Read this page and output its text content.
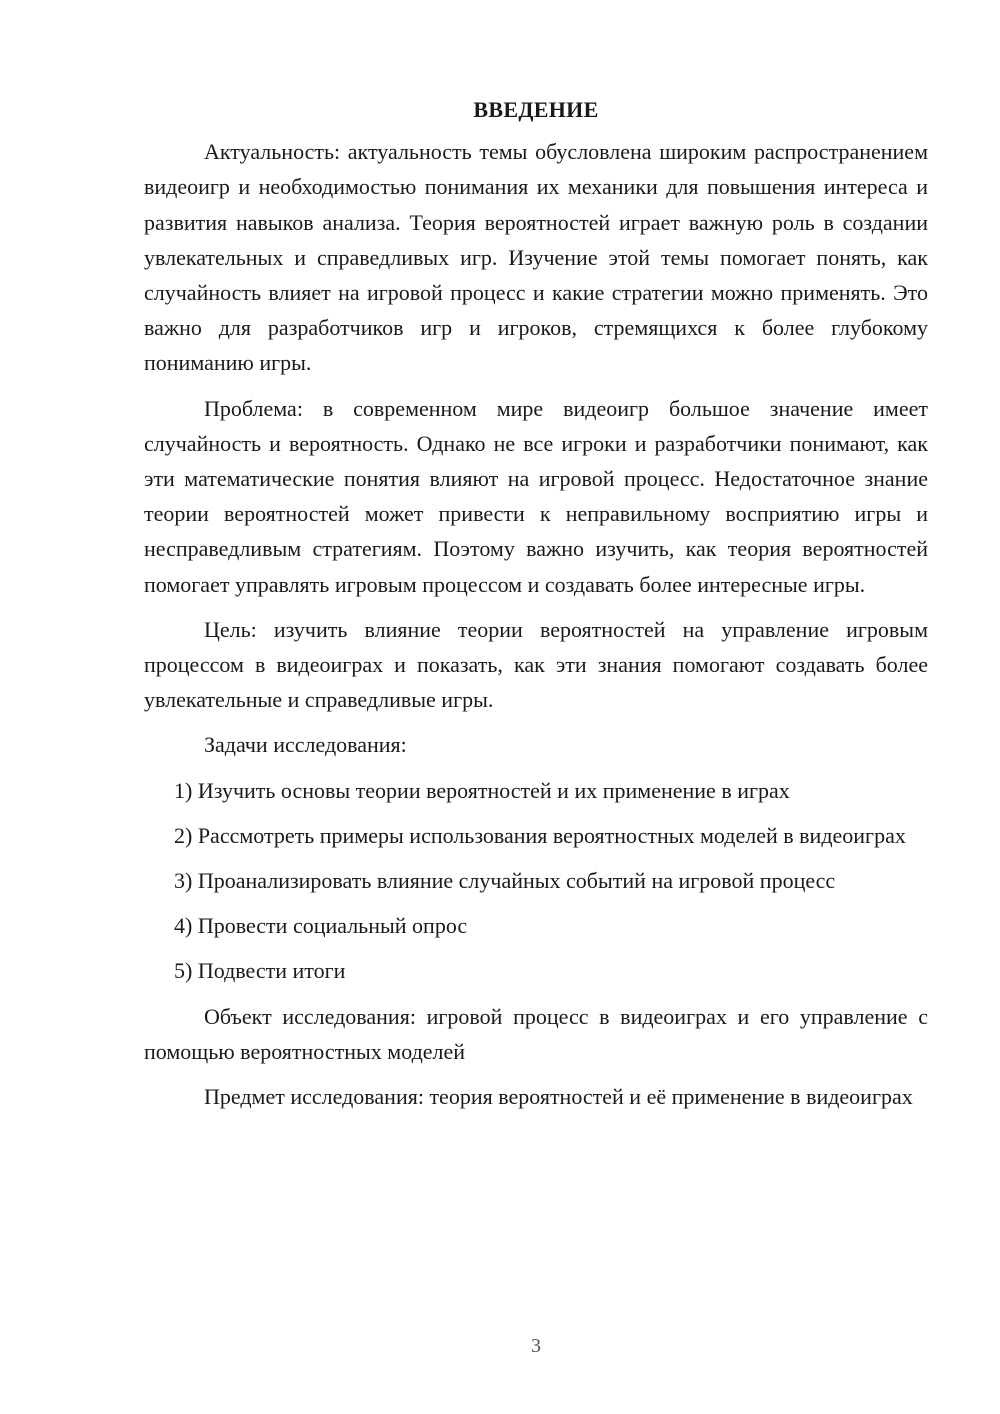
ВВЕДЕНИЕ

Актуальность: актуальность темы обусловлена широким распространением видеоигр и необходимостью понимания их механики для повышения интереса и развития навыков анализа. Теория вероятностей играет важную роль в создании увлекательных и справедливых игр. Изучение этой темы помогает понять, как случайность влияет на игровой процесс и какие стратегии можно применять. Это важно для разработчиков игр и игроков, стремящихся к более глубокому пониманию игры.

Проблема: в современном мире видеоигр большое значение имеет случайность и вероятность. Однако не все игроки и разработчики понимают, как эти математические понятия влияют на игровой процесс. Недостаточное знание теории вероятностей может привести к неправильному восприятию игры и несправедливым стратегиям. Поэтому важно изучить, как теория вероятностей помогает управлять игровым процессом и создавать более интересные игры.

Цель: изучить влияние теории вероятностей на управление игровым процессом в видеоиграх и показать, как эти знания помогают создавать более увлекательные и справедливые игры.

Задачи исследования:

1) Изучить основы теории вероятностей и их применение в играх

2) Рассмотреть примеры использования вероятностных моделей в видеоиграх

3) Проанализировать влияние случайных событий на игровой процесс

4) Провести социальный опрос

5) Подвести итоги

Объект исследования: игровой процесс в видеоиграх и его управление с помощью вероятностных моделей

Предмет исследования: теория вероятностей и её применение в видеоиграх

3
